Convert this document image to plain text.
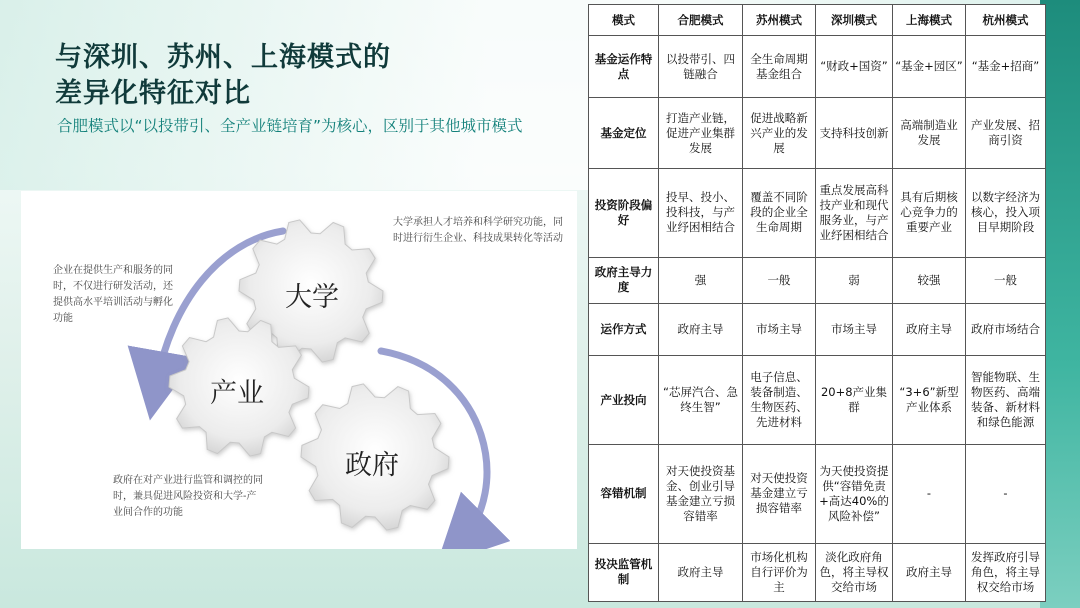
与深圳、苏州、上海模式的
差异化特征对比
合肥模式以“以投带引、全产业链培育”为核心，区别于其他城市模式
大学
产业
政府
大学承担人才培养和科学研究功能，同时进行衍生企业、科技成果转化等活动
企业在提供生产和服务的同时，不仅进行研发活动，还提供高水平培训活动与孵化功能
政府在对产业进行监管和调控的同时，兼具促进风险投资和大学-产业间合作的功能
模式	合肥模式	苏州模式	深圳模式	上海模式	杭州模式
基金运作特点	以投带引、四链融合	全生命周期基金组合	“财政+国资”	“基金+园区”	“基金+招商”
基金定位	打造产业链，促进产业集群发展	促进战略新兴产业的发展	支持科技创新	高端制造业发展	产业发展、招商引资
投资阶段偏好	投早、投小、投科技，与产业纾困相结合	覆盖不同阶段的企业全生命周期	重点发展高科技产业和现代服务业，与产业纾困相结合	具有后期核心竞争力的重要产业	以数字经济为核心，投入项目早期阶段
政府主导力度	强	一般	弱	较强	一般
运作方式	政府主导	市场主导	市场主导	政府主导	政府市场结合
产业投向	“芯屏汽合、急终生智”	电子信息、装备制造、生物医药、先进材料	20+8产业集群	“3+6”新型产业体系	智能物联、生物医药、高端装备、新材料和绿色能源
容错机制	对天使投资基金、创业引导基金建立亏损容错率	对天使投资基金建立亏损容错率	为天使投资提供“容错免责+高达40%的风险补偿”	-	-
投决监管机制	政府主导	市场化机构自行评价为主	淡化政府角色，将主导权交给市场	政府主导	发挥政府引导角色，将主导权交给市场
